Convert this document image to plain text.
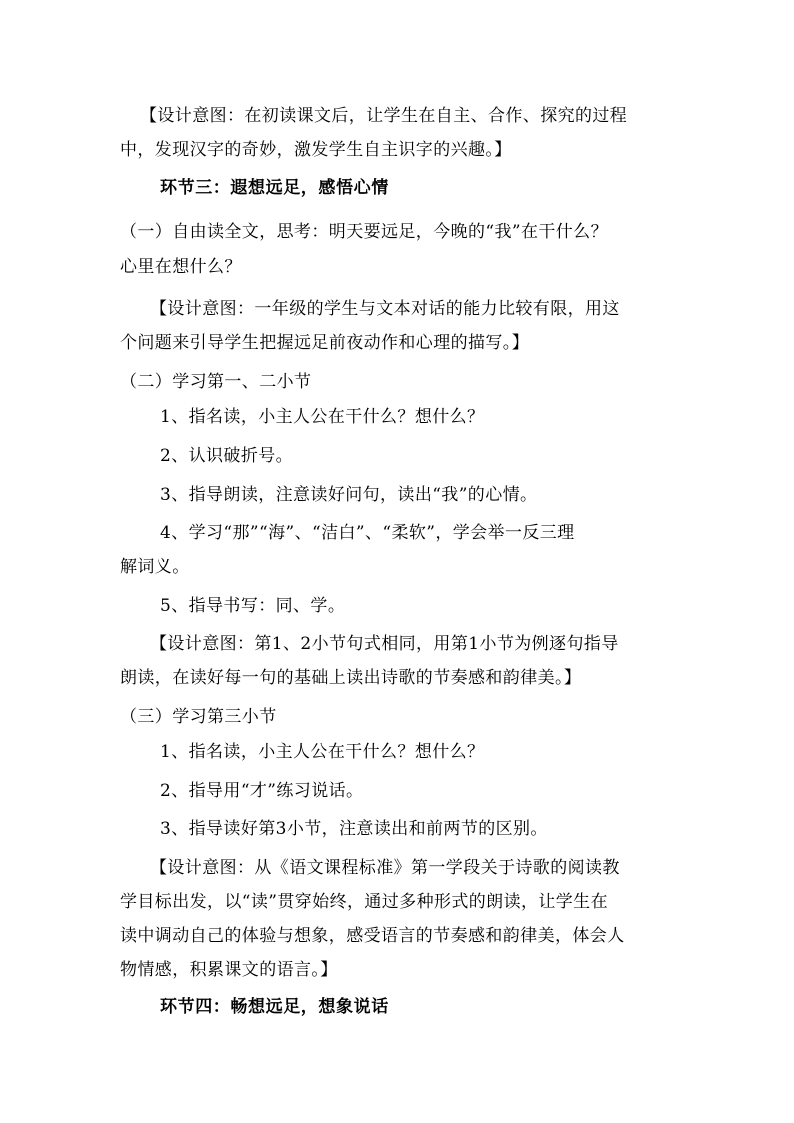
【设计意图：在初读课文后，让学生在自主、合作、探究的过程
中，发现汉字的奇妙，激发学生自主识字的兴趣。】
环节三：遐想远足，感悟心情
（一）自由读全文，思考：明天要远足，今晚的“我”在干什么？
心里在想什么？
【设计意图：一年级的学生与文本对话的能力比较有限，用这
个问题来引导学生把握远足前夜动作和心理的描写。】
（二）学习第一、二小节
1、指名读，小主人公在干什么？想什么？
2、认识破折号。
3、指导朗读，注意读好问句，读出“我”的心情。
4、学习“那”“海”、“洁白”、“柔软”，学会举一反三理
解词义。
5、指导书写：同、学。
【设计意图：第1、2小节句式相同，用第1小节为例逐句指导
朗读，在读好每一句的基础上读出诗歌的节奏感和韵律美。】
（三）学习第三小节
1、指名读，小主人公在干什么？想什么？
2、指导用“才”练习说话。
3、指导读好第3小节，注意读出和前两节的区别。
【设计意图：从《语文课程标准》第一学段关于诗歌的阅读教
学目标出发，以“读”贯穿始终，通过多种形式的朗读，让学生在
读中调动自己的体验与想象，感受语言的节奏感和韵律美，体会人
物情感，积累课文的语言。】
环节四：畅想远足，想象说话
